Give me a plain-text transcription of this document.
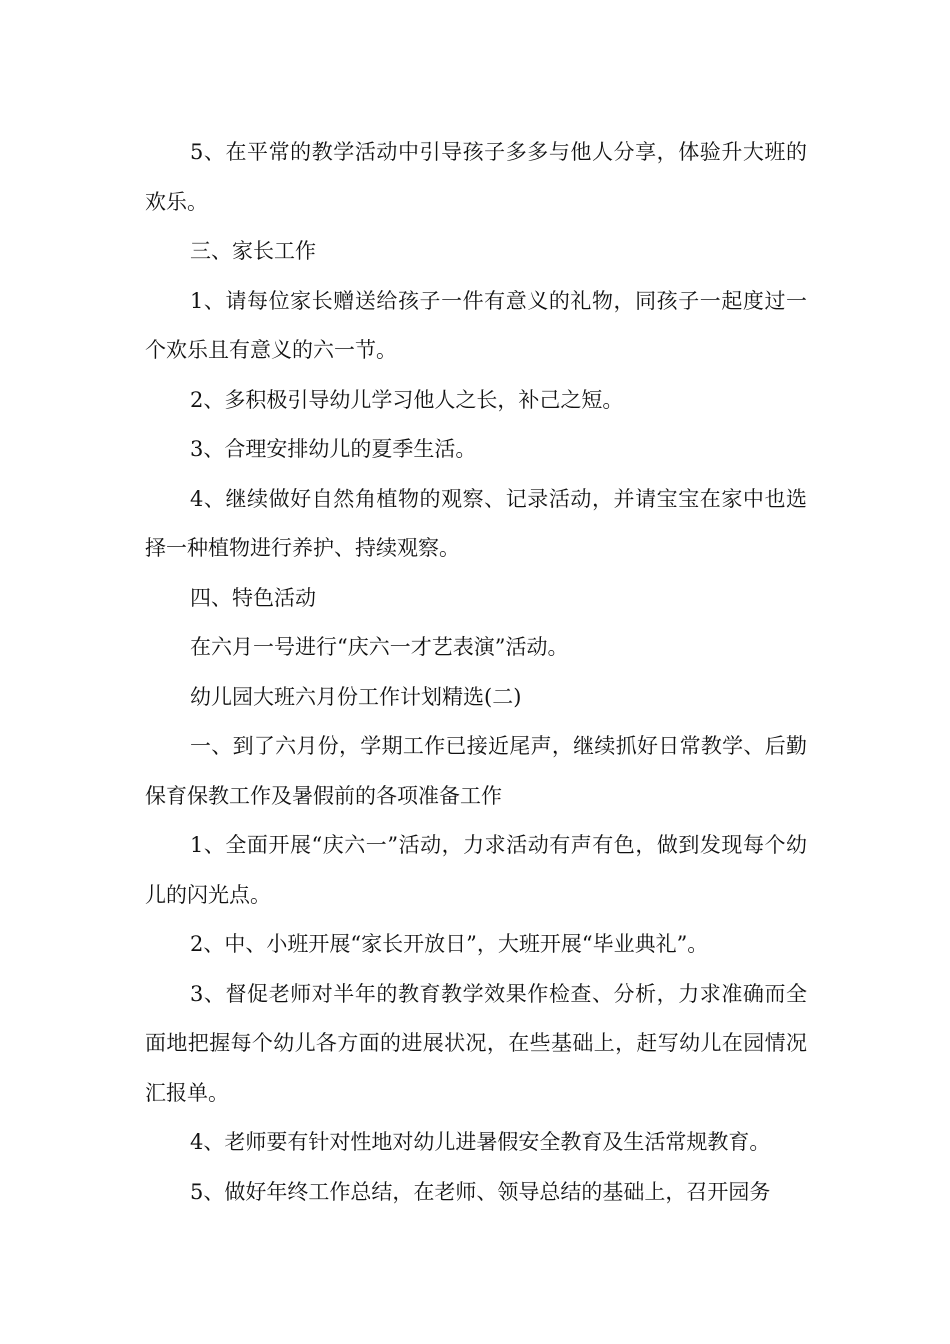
5、在平常的教学活动中引导孩子多多与他人分享，体验升大班的欢乐。

三、家长工作

1、请每位家长赠送给孩子一件有意义的礼物，同孩子一起度过一个欢乐且有意义的六一节。

2、多积极引导幼儿学习他人之长，补己之短。

3、合理安排幼儿的夏季生活。

4、继续做好自然角植物的观察、记录活动，并请宝宝在家中也选择一种植物进行养护、持续观察。

四、特色活动

在六月一号进行“庆六一才艺表演”活动。

幼儿园大班六月份工作计划精选(二)

一、到了六月份，学期工作已接近尾声，继续抓好日常教学、后勤保育保教工作及暑假前的各项准备工作

1、全面开展“庆六一”活动，力求活动有声有色，做到发现每个幼儿的闪光点。

2、中、小班开展“家长开放日”，大班开展“毕业典礼”。

3、督促老师对半年的教育教学效果作检查、分析，力求准确而全面地把握每个幼儿各方面的进展状况，在些基础上，赶写幼儿在园情况汇报单。

4、老师要有针对性地对幼儿进暑假安全教育及生活常规教育。

5、做好年终工作总结，在老师、领导总结的基础上，召开园务
